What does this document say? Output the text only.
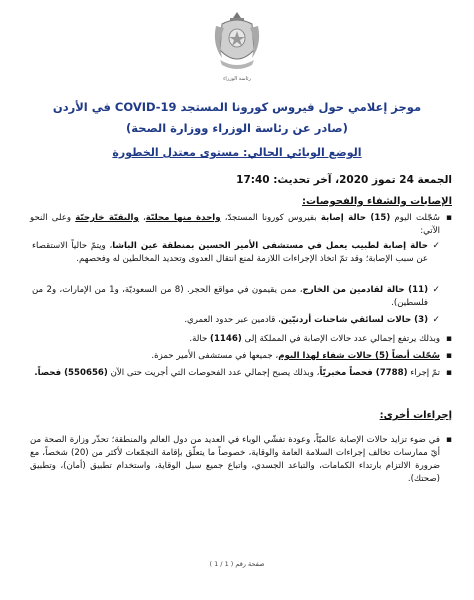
رئاسة الوزراء
موجز إعلامي حول فيروس كورونا المستجد COVID-19 في الأردن
(صادر عن رئاسة الوزراء ووزارة الصحة)
الوضع الوبائي الحالي: مستوى معتدل الخطورة
الجمعة 24 تموز 2020، آخر تحديث: 17:40
الإصابات والشفاء والفحوصات:
▪
سُجّلت اليوم (15) حالة إصابة بفيروس كورونا المستجدّ، واحدة منها محليّة، والبقيّة خارجيّة وعلى النحو الآتي:
✓
حالة إصابة لطبيب يعمل في مستشفى الأمير الحسين بمنطقة عين الباشا، ويتمّ حالياً الاستقصاء عن سبب الإصابة؛ وقد تمّ اتخاذ الإجراءات اللازمة لمنع انتقال العدوى وتحديد المخالطين له وفحصهم.
✓
(11) حالة لقادمين من الخارج، ممن يقيمون في مواقع الحجر. (8 من السعوديّة، و1 من الإمارات، و2 من فلسطين).
✓
(3) حالات لسائقي شاحنات أردنيّين، قادمين عبر حدود العمري.
▪
وبذلك يرتفع إجمالي عدد حالات الإصابة في المملكة إلى (1146) حالة.
▪
سُجّلت أيضاً (5) حالات شفاء لهذا اليوم، جميعها في مستشفى الأمير حمزة.
▪
تمّ إجراء (7788) فحصاً مخبريّاً، وبذلك يصبح إجمالي عدد الفحوصات التي أجريت حتى الآن (550656) فحصاً.
إجراءات أخرى:
▪
في ضوء تزايد حالات الإصابة عالميّاً، وعودة تفشّي الوباء في العديد من دول العالم والمنطقة؛ تحذّر وزارة الصحة من أيّ ممارسات تخالف إجراءات السلامة العامة والوقاية، خصوصاً ما يتعلّق بإقامة التجمّعات لأكثر من (20) شخصاً، مع ضرورة الالتزام بارتداء الكمامات، والتباعد الجسدي، واتباع جميع سبل الوقاية، واستخدام تطبيق (أمان)، وتطبيق (صحتك).
صفحة رقم ( 1 / 1 )
